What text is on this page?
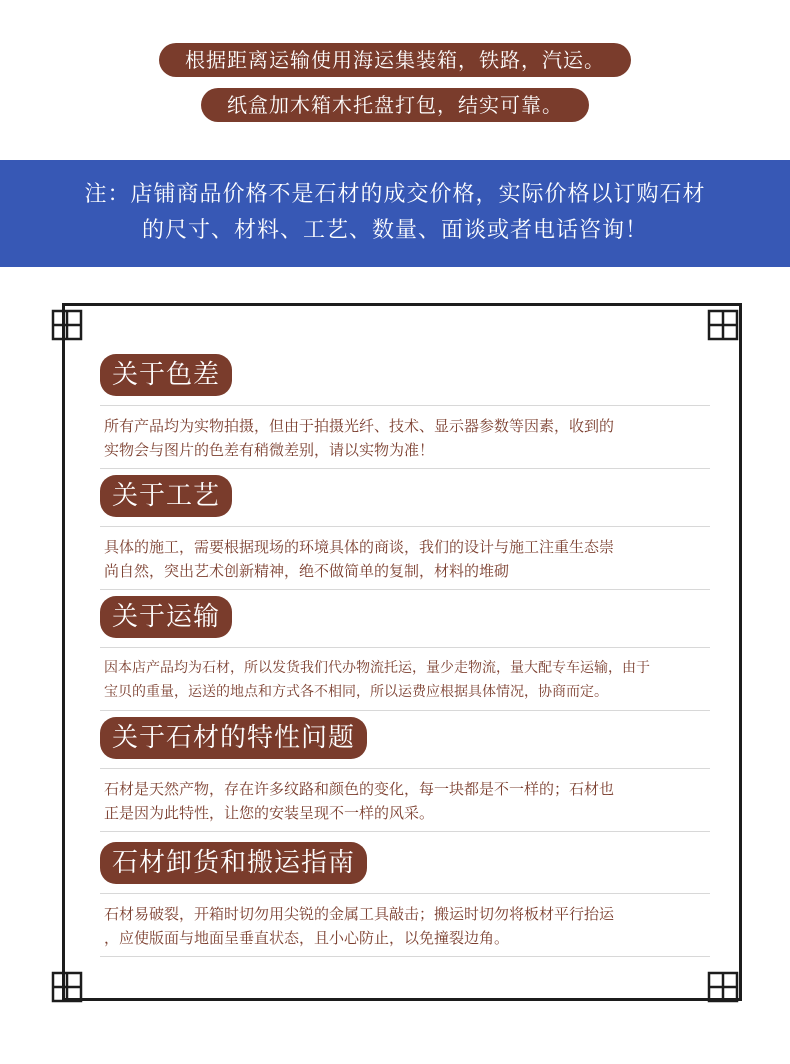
根据距离运输使用海运集装箱，铁路，汽运。
纸盒加木箱木托盘打包，结实可靠。
注：店铺商品价格不是石材的成交价格，实际价格以订购石材
的尺寸、材料、工艺、数量、面谈或者电话咨询！
关于色差
所有产品均为实物拍摄，但由于拍摄光纤、技术、显示器参数等因素，收到的
实物会与图片的色差有稍微差别，请以实物为准！
关于工艺
具体的施工，需要根据现场的环境具体的商谈，我们的设计与施工注重生态崇
尚自然，突出艺术创新精神，绝不做简单的复制，材料的堆砌
关于运输
因本店产品均为石材，所以发货我们代办物流托运，量少走物流，量大配专车运输，由于
宝贝的重量，运送的地点和方式各不相同，所以运费应根据具体情况，协商而定。
关于石材的特性问题
石材是天然产物，存在许多纹路和颜色的变化，每一块都是不一样的；石材也
正是因为此特性，让您的安装呈现不一样的风采。
石材卸货和搬运指南
石材易破裂，开箱时切勿用尖锐的金属工具敲击；搬运时切勿将板材平行抬运
，应使版面与地面呈垂直状态，且小心防止，以免撞裂边角。
